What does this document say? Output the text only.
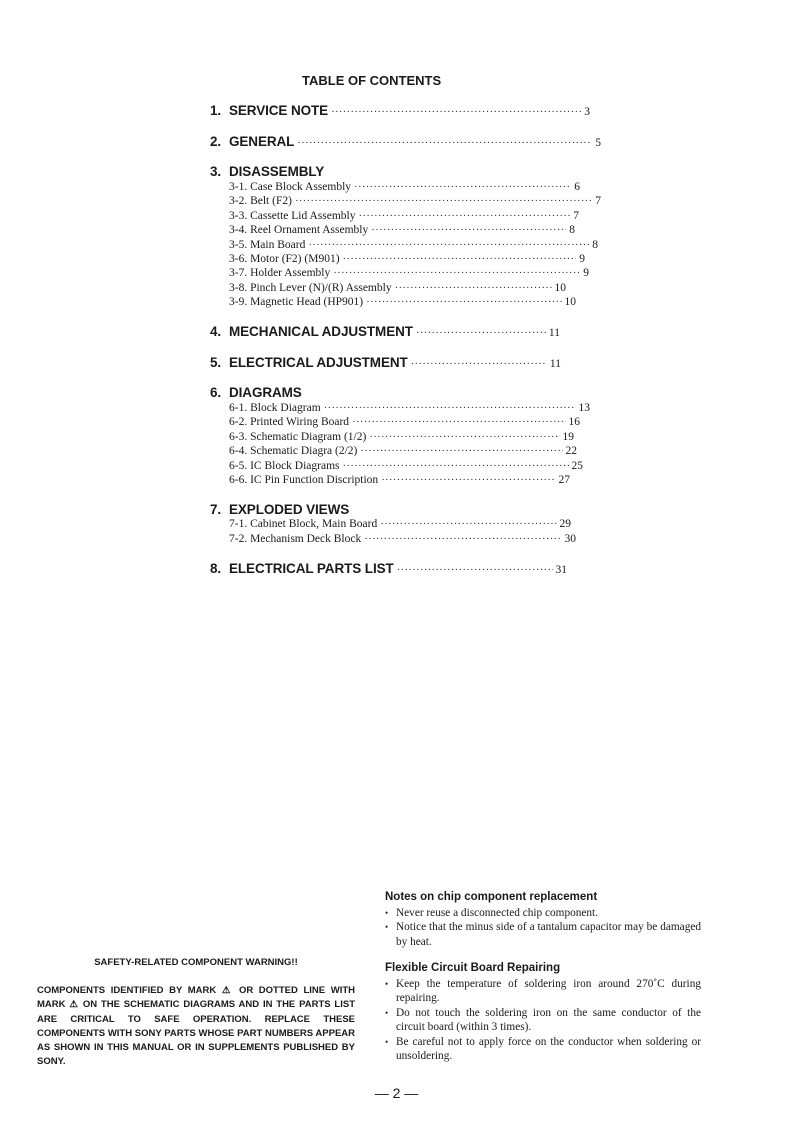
TABLE OF CONTENTS
1. SERVICE NOTE ·····	3
2. GENERAL ·····	5
3. DISASSEMBLY
3-1. Case Block Assembly ·····	6
3-2. Belt (F2) ·····	7
3-3. Cassette Lid Assembly ·····	7
3-4. Reel Ornament Assembly ·····	8
3-5. Main Board ·····	8
3-6. Motor (F2) (M901) ·····	9
3-7. Holder Assembly ·····	9
3-8. Pinch Lever (N)/(R) Assembly ·····	10
3-9. Magnetic Head (HP901) ·····	10
4. MECHANICAL ADJUSTMENT ·····	11
5. ELECTRICAL ADJUSTMENT ·····	11
6. DIAGRAMS
6-1. Block Diagram ·····	13
6-2. Printed Wiring Board ·····	16
6-3. Schematic Diagram (1/2) ·····	19
6-4. Schematic Diagra (2/2) ·····	22
6-5. IC Block Diagrams ·····	25
6-6. IC Pin Function Discription ·····	27
7. EXPLODED VIEWS
7-1. Cabinet Block, Main Board ·····	29
7-2. Mechanism Deck Block ·····	30
8. ELECTRICAL PARTS LIST ·····	31
SAFETY-RELATED COMPONENT WARNING!!

COMPONENTS IDENTIFIED BY MARK ⚠ OR DOTTED LINE WITH MARK ⚠ ON THE SCHEMATIC DIAGRAMS AND IN THE PARTS LIST ARE CRITICAL TO SAFE OPERATION. REPLACE THESE COMPONENTS WITH SONY PARTS WHOSE PART NUMBERS APPEAR AS SHOWN IN THIS MANUAL OR IN SUPPLEMENTS PUBLISHED BY SONY.

Notes on chip component replacement
• Never reuse a disconnected chip component.
• Notice that the minus side of a tantalum capacitor may be damaged by heat.
Flexible Circuit Board Repairing
• Keep the temperature of soldering iron around 270˚C during repairing.
• Do not touch the soldering iron on the same conductor of the circuit board (within 3 times).
• Be careful not to apply force on the conductor when soldering or unsoldering.
— 2 —
